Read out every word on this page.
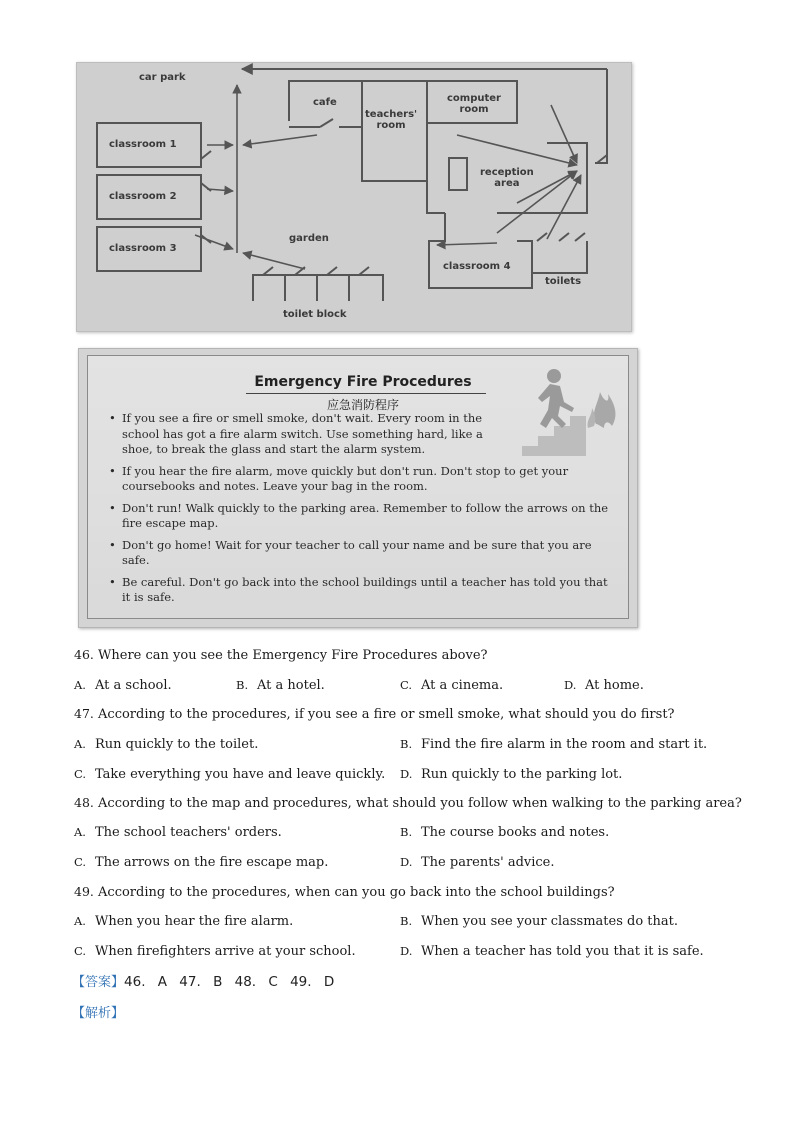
car park
cafe
teachers'
room
computer
room
classroom 1
classroom 2
classroom 3
reception
area
garden
classroom 4
toilets
toilet block
Emergency Fire Procedures
应急消防程序
• If you see a fire or smell smoke, don't wait. Every room in the school has got a fire alarm switch. Use something hard, like a shoe, to break the glass and start the alarm system.
• If you hear the fire alarm, move quickly but don't run. Don't stop to get your coursebooks and notes. Leave your bag in the room.
• Don't run! Walk quickly to the parking area. Remember to follow the arrows on the fire escape map.
• Don't go home! Wait for your teacher to call your name and be sure that you are safe.
• Be careful. Don't go back into the school buildings until a teacher has told you that it is safe.
46. Where can you see the Emergency Fire Procedures above?
A. At a school.	B. At a hotel.	C. At a cinema.	D. At home.
47. According to the procedures, if you see a fire or smell smoke, what should you do first?
A. Run quickly to the toilet.	B. Find the fire alarm in the room and start it.
C. Take everything you have and leave quickly. D. Run quickly to the parking lot.
48. According to the map and procedures, what should you follow when walking to the parking area?
A. The school teachers' orders.	B. The course books and notes.
C. The arrows on the fire escape map.	D. The parents' advice.
49. According to the procedures, when can you go back into the school buildings?
A. When you hear the fire alarm.	B. When you see your classmates do that.
C. When firefighters arrive at your school.	D. When a teacher has told you that it is safe.
【答案】46. A 47. B 48. C 49. D
【解析】
